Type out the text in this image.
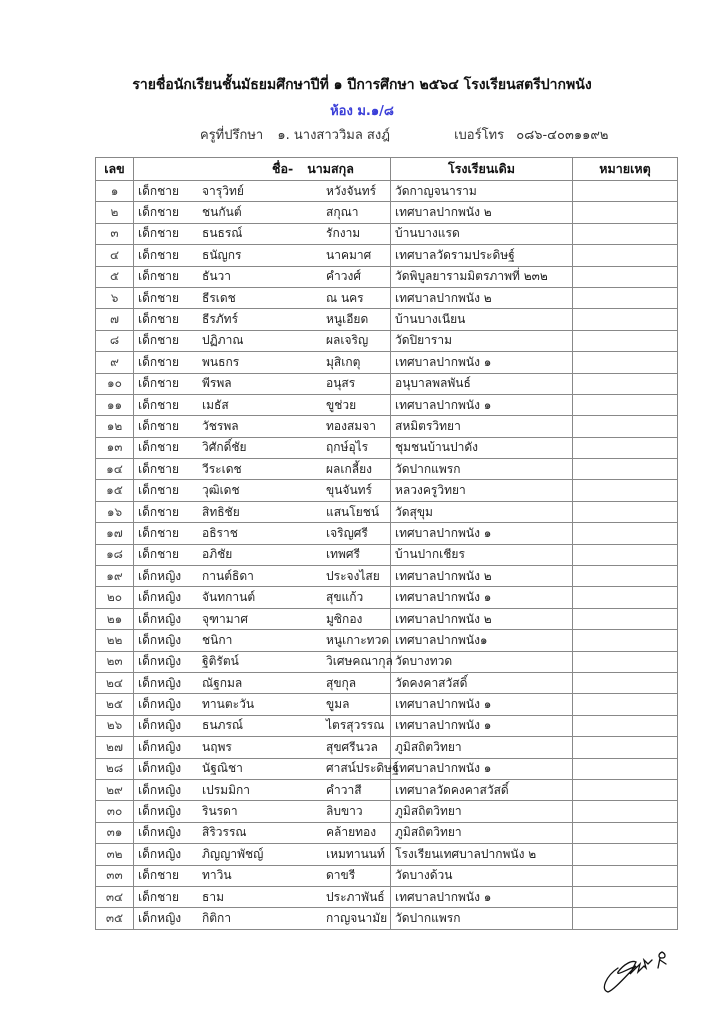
รายชื่อนักเรียนชั้นมัธยมศึกษาปีที่ ๑ ปีการศึกษา ๒๕๖๔ โรงเรียนสตรีปากพนัง
ห้อง ม.๑/๘
ครูที่ปรึกษา ๑. นางสาววิมล สงฎ์	เบอร์โทร ๐๘๖-๔๐๓๑๑๙๒
เลข	ชื่อ- นามสกุล	โรงเรียนเดิม	หมายเหตุ
๑	เด็กชาย จารุวิทย์ หวังจันทร์	วัดกาญจนาราม	
๒	เด็กชาย ชนกันต์ สกุณา	เทศบาลปากพนัง ๒	
๓	เด็กชาย ธนธรณ์ รักงาม	บ้านบางแรด	
๔	เด็กชาย ธนัญกร นาคมาศ	เทศบาลวัดรามประดิษฐ์	
๕	เด็กชาย ธันวา คำวงศ์	วัดพิบูลยารามมิตรภาพที่ ๒๓๒	
๖	เด็กชาย ธีรเดช ณ นคร	เทศบาลปากพนัง ๒	
๗	เด็กชาย ธีรภัทร์ หนูเอียด	บ้านบางเนียน	
๘	เด็กชาย ปฏิภาณ ผลเจริญ	วัดปิยาราม	
๙	เด็กชาย พนธกร มุสิเกตุ	เทศบาลปากพนัง ๑	
๑๐	เด็กชาย พีรพล อนุสร	อนุบาลพลพันธ์	
๑๑	เด็กชาย เมธัส ขูช่วย	เทศบาลปากพนัง ๑	
๑๒	เด็กชาย วัชรพล ทองสมจา	สหมิตรวิทยา	
๑๓	เด็กชาย วิศักดิ์ชัย ฤกษ์อุไร	ชุมชนบ้านปาดัง	
๑๔	เด็กชาย วีระเดช ผลเกลี้ยง	วัดปากแพรก	
๑๕	เด็กชาย วุฒิเดช ขุนจันทร์	หลวงครูวิทยา	
๑๖	เด็กชาย สิทธิชัย แสนโยชน์	วัดสุขุม	
๑๗	เด็กชาย อธิราช เจริญศรี	เทศบาลปากพนัง ๑	
๑๘	เด็กชาย อภิชัย เทพศรี	บ้านปากเชียร	
๑๙	เด็กหญิง กานต์ธิดา ประจงไสย	เทศบาลปากพนัง ๒	
๒๐	เด็กหญิง จันทกานต์ สุขแก้ว	เทศบาลปากพนัง ๑	
๒๑	เด็กหญิง จุฑามาศ มูซิกอง	เทศบาลปากพนัง ๒	
๒๒	เด็กหญิง ชนิกา หนูเกาะทวด	เทศบาลปากพนัง๑	
๒๓	เด็กหญิง ฐิติรัตน์ วิเศษคณากุล	วัดบางทวด	
๒๔	เด็กหญิง ณัฐกมล สุขกุล	วัดคงคาสวัสดิ์	
๒๕	เด็กหญิง ทานตะวัน ขูมล	เทศบาลปากพนัง ๑	
๒๖	เด็กหญิง ธนภรณ์ ไตรสุวรรณ	เทศบาลปากพนัง ๑	
๒๗	เด็กหญิง นฤพร สุขศรีนวล	ภูมิสถิตวิทยา	
๒๘	เด็กหญิง นัฐณิชา ศาสน์ประดิษฐ์	เทศบาลปากพนัง ๑	
๒๙	เด็กหญิง เปรมมิกา คำวาสี	เทศบาลวัดคงคาสวัสดิ์	
๓๐	เด็กหญิง รินรดา ลิบขาว	ภูมิสถิตวิทยา	
๓๑	เด็กหญิง สิริวรรณ คล้ายทอง	ภูมิสถิตวิทยา	
๓๒	เด็กหญิง ภิญญาพัชญ์ เหมทานนท์	โรงเรียนเทศบาลปากพนัง ๒	
๓๓	เด็กชาย ทาวิน ดาขรี	วัดบางด้วน	
๓๔	เด็กชาย ธาม ประภาพันธ์	เทศบาลปากพนัง ๑	
๓๕	เด็กหญิง กิติกา กาญจนามัย	วัดปากแพรก	
